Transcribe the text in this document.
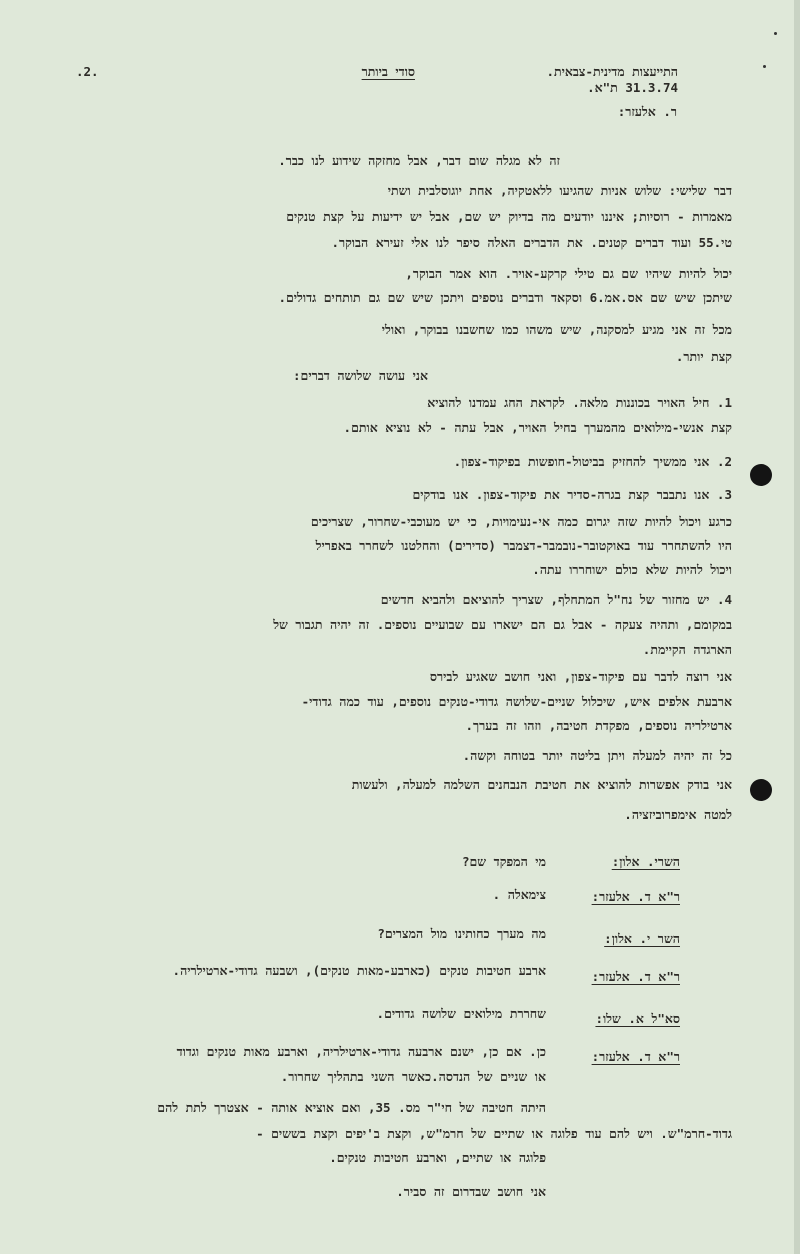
.2.	סודי ביותר	התייעצות מדינית-צבאית.
31.3.74 ת"א.
ר. אלעזר:
זה לא מגלה שום דבר, אבל מחזקה שידוע לנו כבר.
דבר שלישי: שלוש אניות שהגיעו ללאטקיה, אחת יוגוסלבית ושתי
מאמרות - רוסיות; איננו יודעים מה בדיוק יש שם, אבל יש ידיעות על קצת טנקים
טי.55 ועוד דברים קטנים. את הדברים האלה סיפר לנו אלי זעירא הבוקר.
יכול להיות שיהיו שם גם טילי קרקע-אויר. הוא אמר הבוקר,
שיתכן שיש שם אס.אמ.6 וסקאד ודברים נוספים ויתכן שיש שם גם תותחים גדולים.
מכל זה אני מגיע למסקנה, שיש משהו כמו שחשבנו בבוקר, ואולי
קצת יותר.
אני עושה שלושה דברים:
1. חיל האויר בכוננות מלאה. לקראת החג עמדנו להוציא
קצת אנשי-מילואים מהמערך בחיל האויר, אבל עתה - לא נוציא אותם.
2. אני ממשיך להחזיק בביטול-חופשות בפיקוד-צפון.
3. אנו נתבבר קצת בגרה-סדיר את פיקוד-צפון. אנו בודקים
כרגע ויכול להיות שזה יגרום כמה אי-נעימויות, כי יש מעוכבי-שחרור, שצריכים
היו להשתחרר עוד באוקטובר-נובמבר-דצמבר (סדירים) והחלטנו לשחרר באפריל
ויכול להיות שלא כולם ישוחררו עתה.
4. יש מחזור של נח"ל המתחלף, שצריך להוציאם ולהביא חדשים
במקומם, ותהיה צעקה - אבל גם הם ישארו עם שבועיים נוספים. זה יהיה תגבור של
הארגדה הקיימת.
אני רוצה לדבר עם פיקוד-צפון, ואני חושב שאגיע לבירס
ארבעת אלפים איש, שיכלול שניים-שלושה גדודי-טנקים נוספים, עוד כמה גדודי-
ארטילריה נוספים, מפקדת חטיבה, וזהו זה בערך.
כל זה יהיה למעלה ויתן בליטה יותר בטוחה וקשה.
אני בודק אפשרות להוציא את חטיבת הנבחנים השלמה למעלה, ולעשות
למטה אימפרוביזציה.
השרי. אלון:
מי המפקד שם?
ר"א ד. אלעזר:
צימאלה .
השר י. אלון:
מה מערך כחותינו מול המצרים?
ר"א ד. אלעזר:
ארבע חטיבות טנקים (כארבע-מאות טנקים), ושבעה גדודי-ארטילריה.
סא"ל א. שלו:
שחררת מילואים שלושה גדודים.
ר"א ד. אלעזר:
כן. אם כן, ישנם ארבעה גדודי-ארטילריה, וארבע מאות טנקים וגדוד
או שניים של הנדסה.כאשר השני בתהליך שחרור.
היתה חטיבה של חי"ר מס. 35, ואם אוציא אותה - אצטרך לתת להם
גדוד-חרמ"ש. ויש להם עוד פלוגה או שתיים של חרמ"ש, וקצת ב'יפים וקצת בששים -
פלוגה או שתיים, וארבע חטיבות טנקים.
אני חושב שבדרום זה סביר.
